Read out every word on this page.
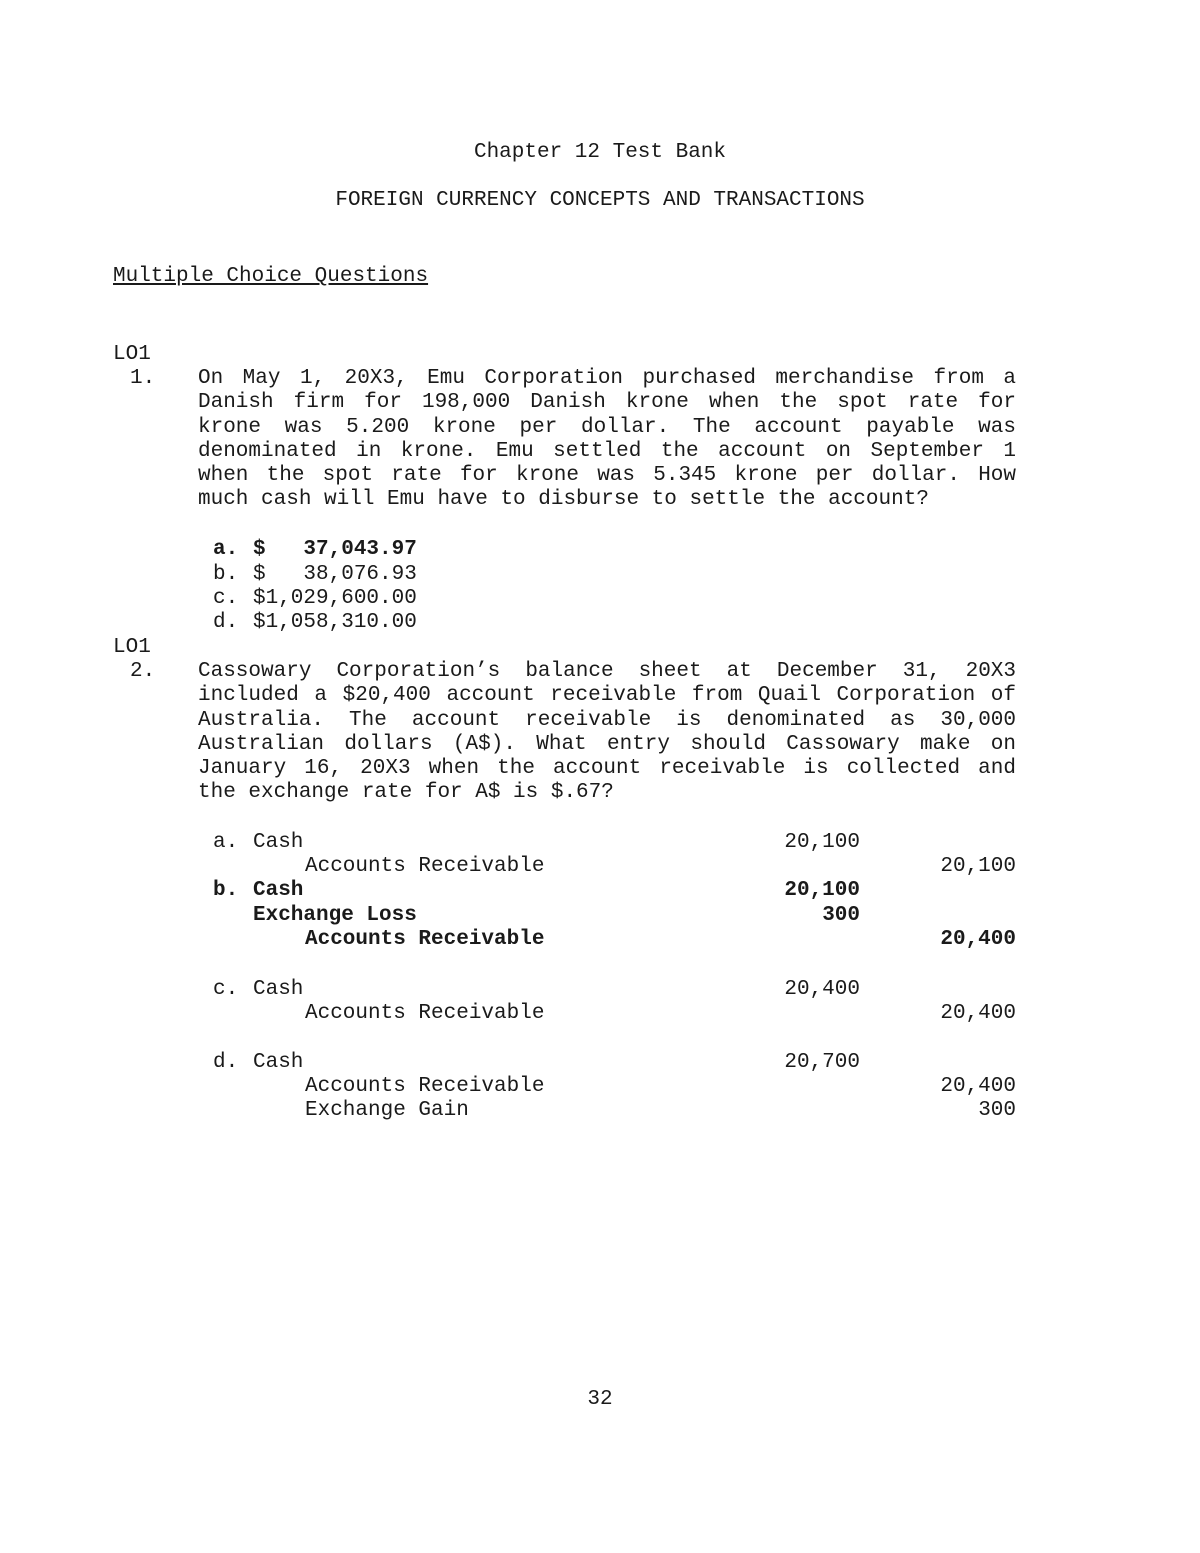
Chapter 12 Test Bank
FOREIGN CURRENCY CONCEPTS AND TRANSACTIONS
Multiple Choice Questions
LO1
1. On May 1, 20X3, Emu Corporation purchased merchandise from a Danish firm for 198,000 Danish krone when the spot rate for krone was 5.200 krone per dollar. The account payable was denominated in krone. Emu settled the account on September 1 when the spot rate for krone was 5.345 krone per dollar. How much cash will Emu have to disburse to settle the account?
a. $   37,043.97
b. $   38,076.93
c. $1,029,600.00
d. $1,058,310.00
LO1
2. Cassowary Corporation’s balance sheet at December 31, 20X3 included a $20,400 account receivable from Quail Corporation of Australia. The account receivable is denominated as 30,000 Australian dollars (A$). What entry should Cassowary make on January 16, 20X3 when the account receivable is collected and the exchange rate for A$ is $.67?
a. Cash	20,100
Accounts Receivable	20,100
b. Cash	20,100
Exchange Loss	300
Accounts Receivable	20,400
c. Cash	20,400
Accounts Receivable	20,400
d. Cash	20,700
Accounts Receivable	20,400
Exchange Gain	300
32
